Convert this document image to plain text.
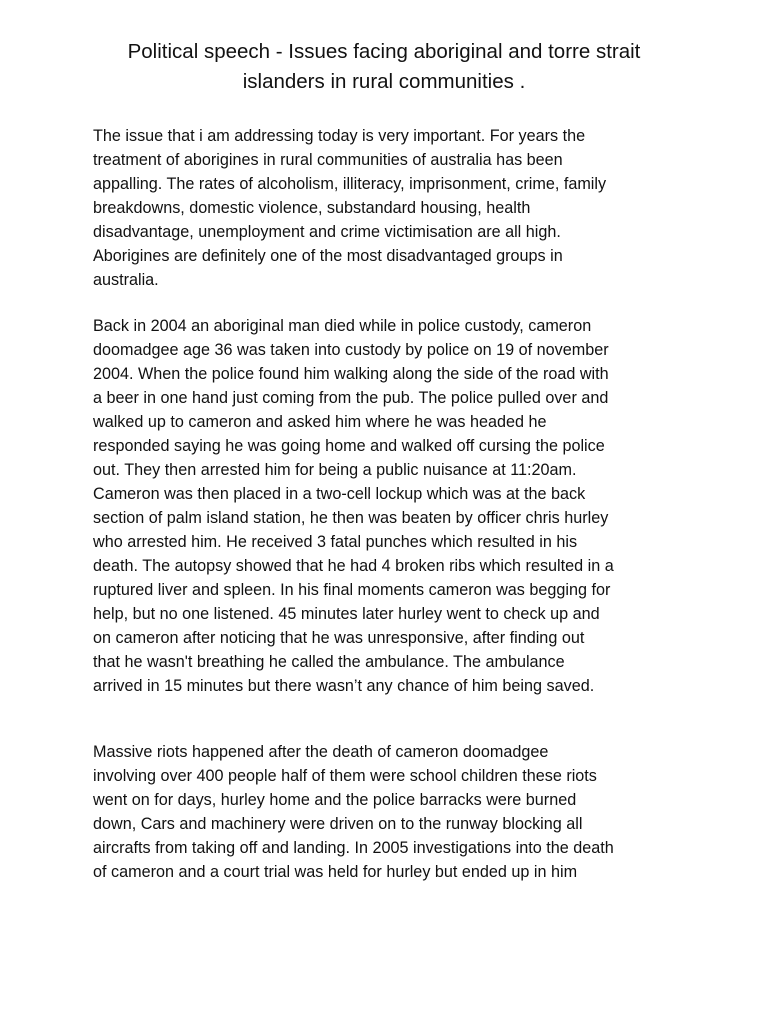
Political speech - Issues facing aboriginal and torre strait
islanders in rural communities .
The issue that i am addressing today is very important. For years the
treatment of aborigines in rural communities of australia has been
appalling. The rates of alcoholism, illiteracy, imprisonment, crime, family
breakdowns, domestic violence, substandard housing, health
disadvantage, unemployment and crime victimisation are all high.
Aborigines are definitely one of the most disadvantaged groups in
australia.
Back in 2004 an aboriginal man died while in police custody, cameron
doomadgee age 36 was taken into custody by police on 19 of november
2004. When the police found him walking along the side of the road with
a beer in one hand just coming from the pub. The police pulled over and
walked up to cameron and asked him where he was headed he
responded saying he was going home and walked off cursing the police
out. They then arrested him for being a public nuisance at 11:20am.
Cameron was then placed in a two-cell lockup which was at the back
section of palm island station, he then was beaten by officer chris hurley
who arrested him. He received 3 fatal punches which resulted in his
death. The autopsy showed that he had 4 broken ribs which resulted in a
ruptured liver and spleen. In his final moments cameron was begging for
help, but no one listened. 45 minutes later hurley went to check up and
on cameron after noticing that he was unresponsive, after finding out
that he wasn't breathing he called the ambulance. The ambulance
arrived in 15 minutes but there wasn’t any chance of him being saved.
Massive riots happened after the death of cameron doomadgee
involving over 400 people half of them were school children these riots
went on for days, hurley home and the police barracks were burned
down, Cars and machinery were driven on to the runway blocking all
aircrafts from taking off and landing. In 2005 investigations into the death
of cameron and a court trial was held for hurley but ended up in him
